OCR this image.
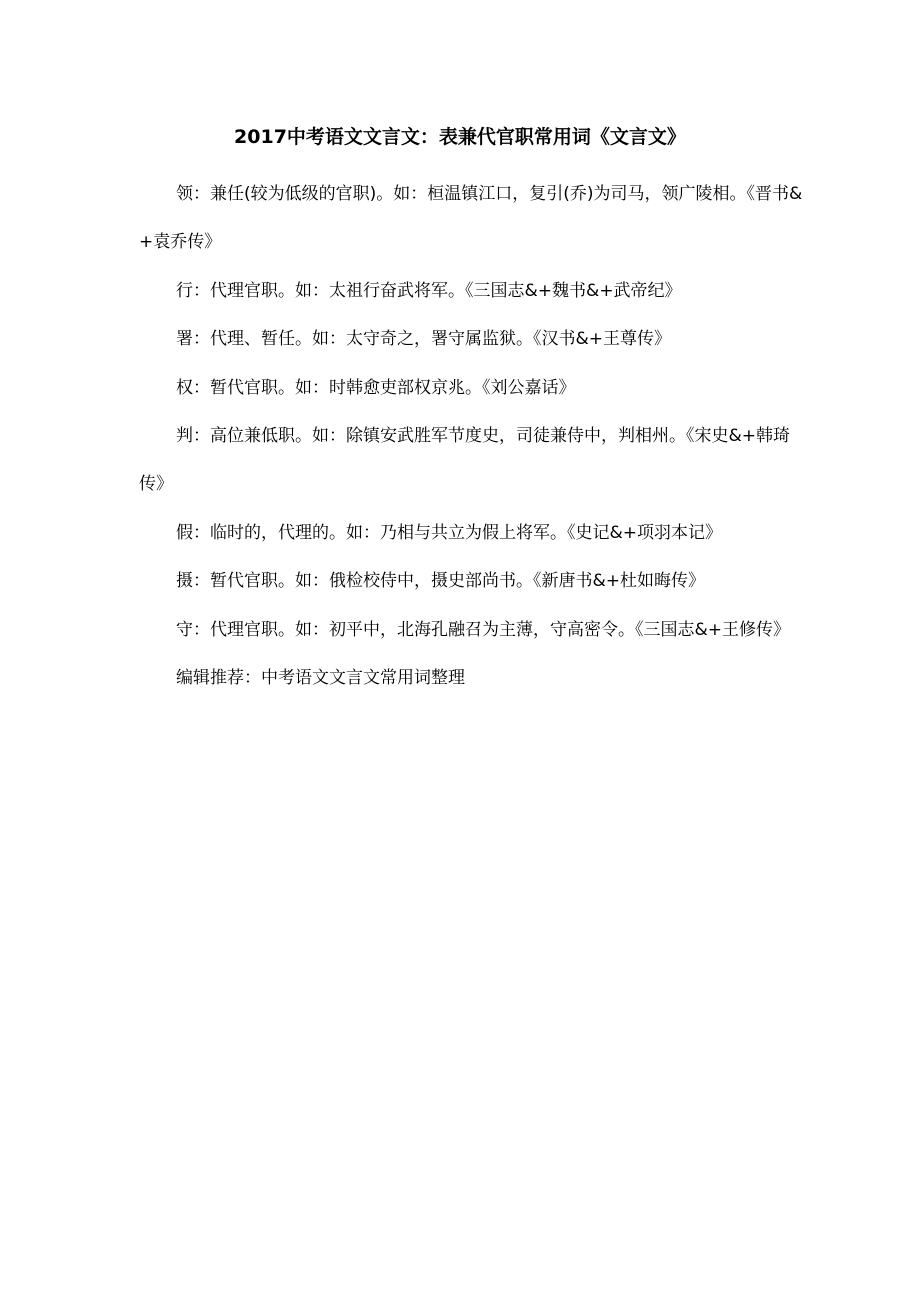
2017中考语文文言文：表兼代官职常用词《文言文》

领：兼任(较为低级的官职)。如：桓温镇江口，复引(乔)为司马，领广陵相。《晋书&+袁乔传》

行：代理官职。如：太祖行奋武将军。《三国志&+魏书&+武帝纪》

署：代理、暂任。如：太守奇之，署守属监狱。《汉书&+王尊传》

权：暂代官职。如：时韩愈吏部权京兆。《刘公嘉话》

判：高位兼低职。如：除镇安武胜军节度史，司徒兼侍中，判相州。《宋史&+韩琦传》

假：临时的，代理的。如：乃相与共立为假上将军。《史记&+项羽本记》

摄：暂代官职。如：俄检校侍中，摄史部尚书。《新唐书&+杜如晦传》

守：代理官职。如：初平中，北海孔融召为主薄，守高密令。《三国志&+王修传》

编辑推荐：中考语文文言文常用词整理
